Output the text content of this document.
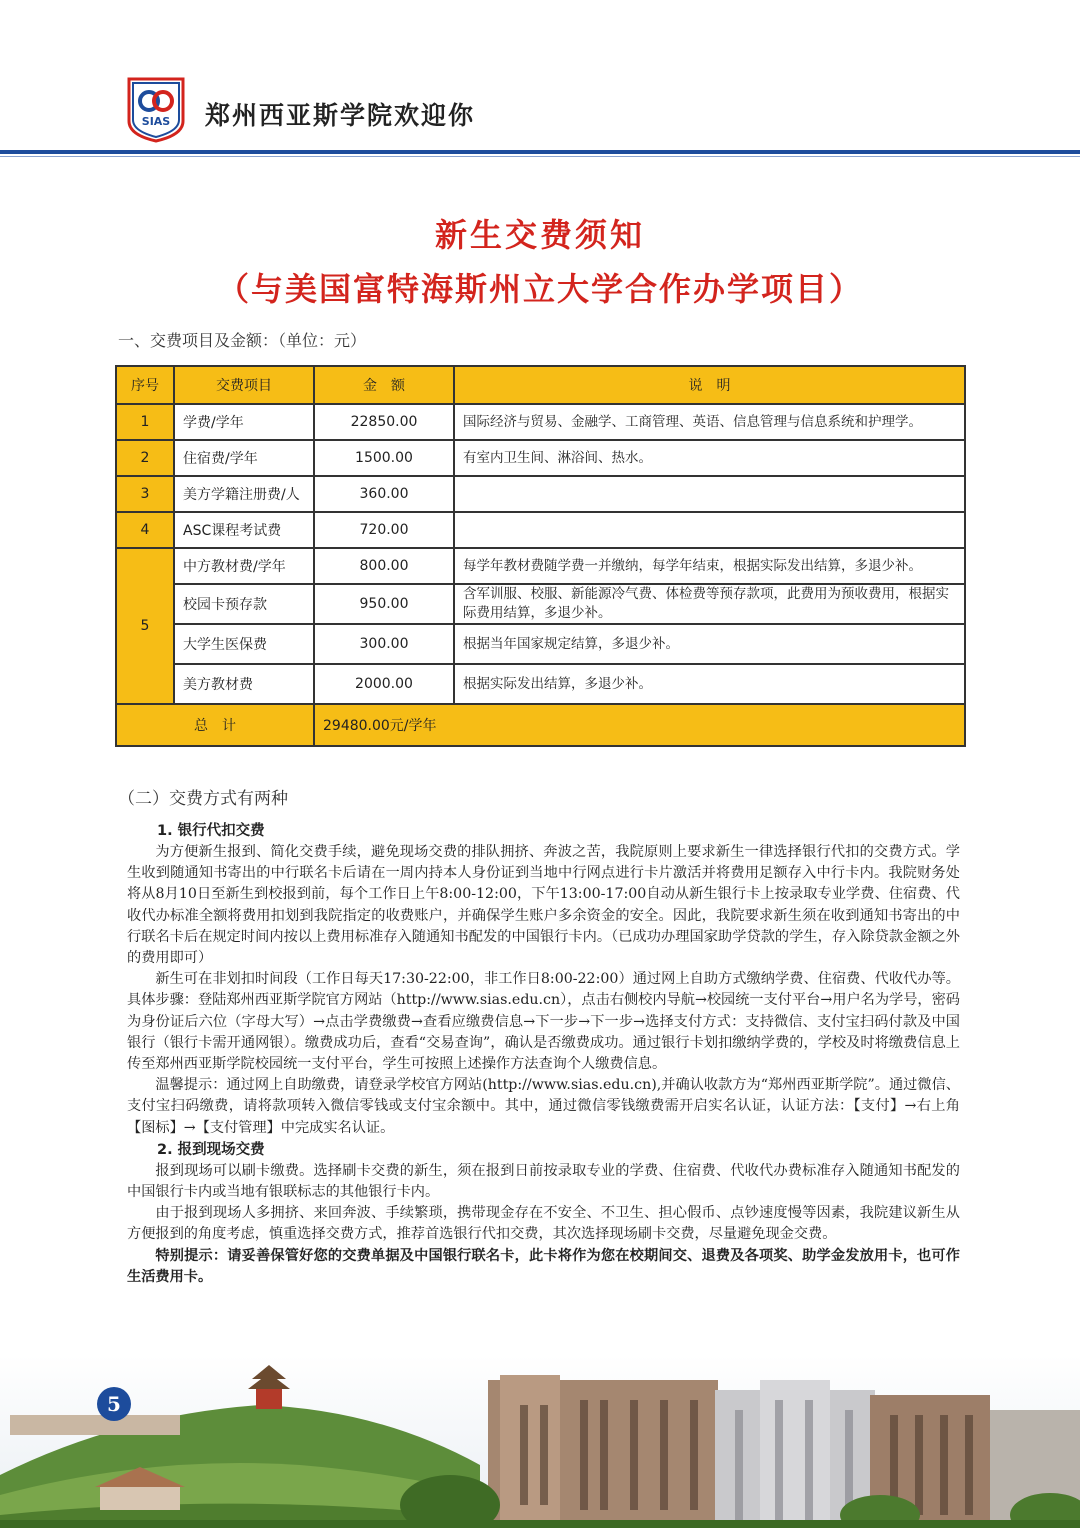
SIAS 郑州西亚斯学院欢迎你
新生交费须知
（与美国富特海斯州立大学合作办学项目）
一、交费项目及金额：（单位：元）
序号	交费项目	金　额	说　明
1	学费/学年	22850.00	国际经济与贸易、金融学、工商管理、英语、信息管理与信息系统和护理学。
2	住宿费/学年	1500.00	有室内卫生间、淋浴间、热水。
3	美方学籍注册费/人	360.00	
4	ASC课程考试费	720.00	
5	中方教材费/学年	800.00	每学年教材费随学费一并缴纳，每学年结束，根据实际发出结算，多退少补。
	校园卡预存款	950.00	含军训服、校服、新能源冷气费、体检费等预存款项，此费用为预收费用，根据实际费用结算，多退少补。
	大学生医保费	300.00	根据当年国家规定结算，多退少补。
	美方教材费	2000.00	根据实际发出结算，多退少补。
总　计		29480.00元/学年	
（二）交费方式有两种
1. 银行代扣交费

为方便新生报到、简化交费手续，避免现场交费的排队拥挤、奔波之苦，我院原则上要求新生一律选择银行代扣的交费方式。学生收到随通知书寄出的中行联名卡后请在一周内持本人身份证到当地中行网点进行卡片激活并将费用足额存入中行卡内。我院财务处将从8月10日至新生到校报到前，每个工作日上午8:00-12:00，下午13:00-17:00自动从新生银行卡上按录取专业学费、住宿费、代收代办标准全额将费用扣划到我院指定的收费账户，并确保学生账户多余资金的安全。因此，我院要求新生须在收到通知书寄出的中行联名卡后在规定时间内按以上费用标准存入随通知书配发的中国银行卡内。（已成功办理国家助学贷款的学生，存入除贷款金额之外的费用即可）

新生可在非划扣时间段（工作日每天17:30-22:00，非工作日8:00-22:00）通过网上自助方式缴纳学费、住宿费、代收代办等。具体步骤：登陆郑州西亚斯学院官方网站（http://www.sias.edu.cn），点击右侧校内导航→校园统一支付平台→用户名为学号，密码为身份证后六位（字母大写）→点击学费缴费→查看应缴费信息→下一步→下一步→选择支付方式：支持微信、支付宝扫码付款及中国银行（银行卡需开通网银）。缴费成功后，查看“交易查询”，确认是否缴费成功。通过银行卡划扣缴纳学费的，学校及时将缴费信息上传至郑州西亚斯学院校园统一支付平台，学生可按照上述操作方法查询个人缴费信息。

温馨提示：通过网上自助缴费，请登录学校官方网站(http://www.sias.edu.cn),并确认收款方为“郑州西亚斯学院”。通过微信、支付宝扫码缴费，请将款项转入微信零钱或支付宝余额中。其中，通过微信零钱缴费需开启实名认证，认证方法：【支付】→右上角【图标】→【支付管理】中完成实名认证。

2. 报到现场交费

报到现场可以刷卡缴费。选择刷卡交费的新生，须在报到日前按录取专业的学费、住宿费、代收代办费标准存入随通知书配发的中国银行卡内或当地有银联标志的其他银行卡内。

由于报到现场人多拥挤、来回奔波、手续繁琐，携带现金存在不安全、不卫生、担心假币、点钞速度慢等因素，我院建议新生从方便报到的角度考虑，慎重选择交费方式，推荐首选银行代扣交费，其次选择现场刷卡交费，尽量避免现金交费。

特别提示：请妥善保管好您的交费单据及中国银行联名卡，此卡将作为您在校期间交、退费及各项奖、助学金发放用卡，也可作生活费用卡。

5
